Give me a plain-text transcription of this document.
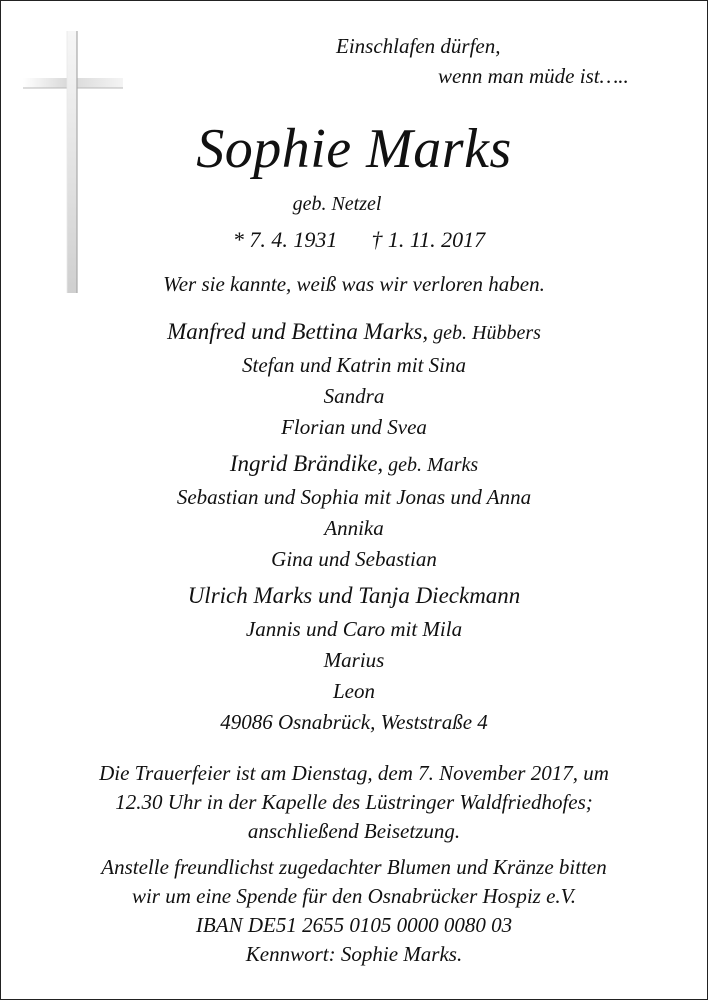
Einschlafen dürfen,
wenn man müde ist…..
Sophie Marks
geb. Netzel
* 7. 4. 1931 † 1. 11. 2017
Wer sie kannte, weiß was wir verloren haben.
Manfred und Bettina Marks, geb. Hübbers
Stefan und Katrin mit Sina
Sandra
Florian und Svea
Ingrid Brändike, geb. Marks
Sebastian und Sophia mit Jonas und Anna
Annika
Gina und Sebastian
Ulrich Marks und Tanja Dieckmann
Jannis und Caro mit Mila
Marius
Leon
49086 Osnabrück, Weststraße 4
Die Trauerfeier ist am Dienstag, dem 7. November 2017, um
12.30 Uhr in der Kapelle des Lüstringer Waldfriedhofes;
anschließend Beisetzung.
Anstelle freundlichst zugedachter Blumen und Kränze bitten
wir um eine Spende für den Osnabrücker Hospiz e.V.
IBAN DE51 2655 0105 0000 0080 03
Kennwort: Sophie Marks.
